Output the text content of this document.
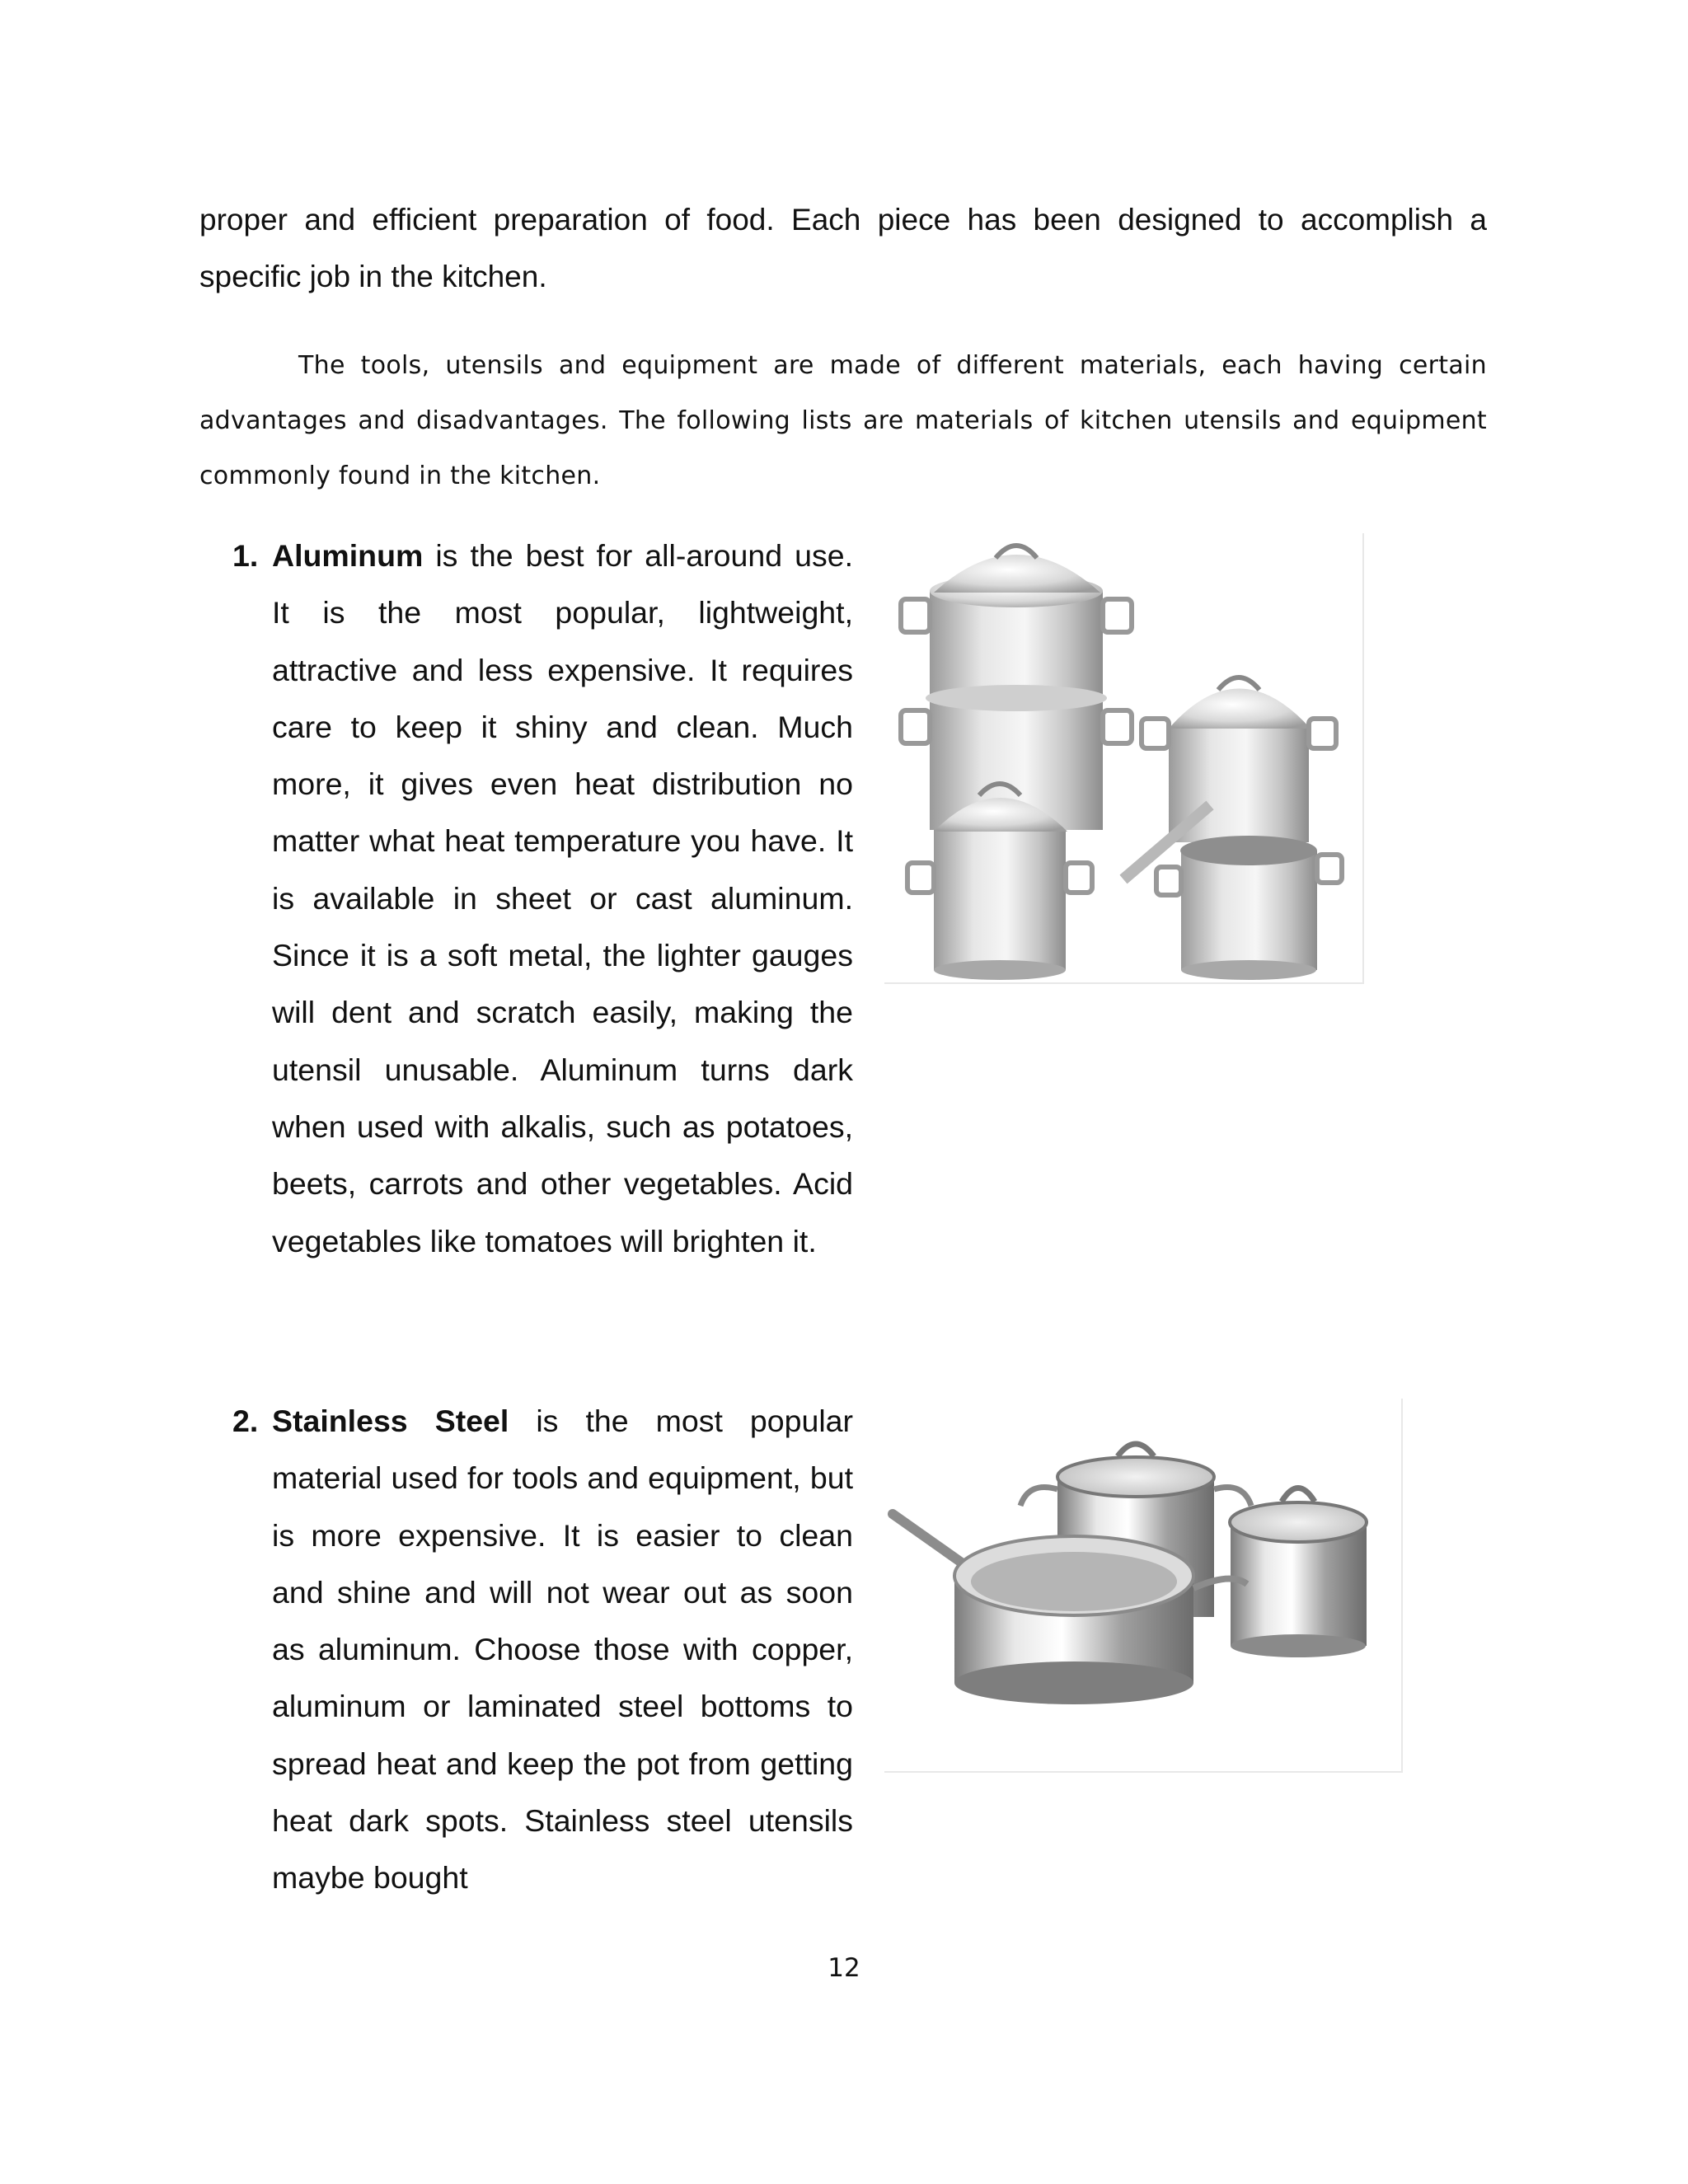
proper and efficient preparation of food. Each piece has been designed to accomplish a specific job in the kitchen.

The tools, utensils and equipment are made of different materials, each having certain advantages and disadvantages. The following lists are materials of kitchen utensils and equipment commonly found in the kitchen.

1. Aluminum is the best for all-around use. It is the most popular, lightweight, attractive and less expensive. It requires care to keep it shiny and clean. Much more, it gives even heat distribution no matter what heat temperature you have. It is available in sheet or cast aluminum. Since it is a soft metal, the lighter gauges will dent and scratch easily, making the utensil unusable. Aluminum turns dark when used with alkalis, such as potatoes, beets, carrots and other vegetables. Acid vegetables like tomatoes will brighten it.
2. Stainless Steel is the most popular material used for tools and equipment, but is more expensive. It is easier to clean and shine and will not wear out as soon as aluminum. Choose those with copper, aluminum or laminated steel bottoms to spread heat and keep the pot from getting heat dark spots. Stainless steel utensils maybe bought
12
